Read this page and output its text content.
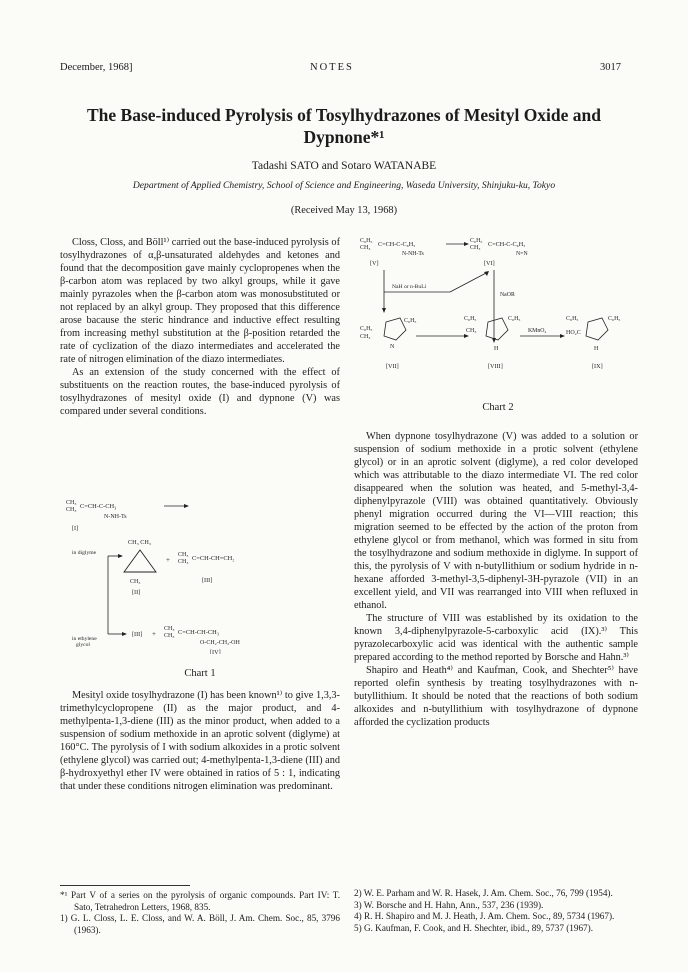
December, 1968]	NOTES	3017
The Base-induced Pyrolysis of Tosylhydrazones of Mesityl Oxide and
Dypnone*¹
Tadashi SATO and Sotaro WATANABE
Department of Applied Chemistry, School of Science and Engineering, Waseda University, Shinjuku-ku, Tokyo
(Received May 13, 1968)

Closs, Closs, and Böll¹⁾ carried out the base-induced pyrolysis of tosylhydrazones of α,β-unsaturated aldehydes and ketones and found that the decomposition gave mainly cyclopropenes when the β-carbon atom was replaced by two alkyl groups, while it gave mainly pyrazoles when the β-carbon atom was monosubstituted or not replaced by an alkyl group. They proposed that this difference arose bacause the steric hindrance and inductive effect resulting from increasing methyl substitution at the β-position retarded the rate of cyclization of the diazo intermediates and accelerated the rate of nitrogen elimination of the diazo intermediates.

As an extension of the study concerned with the effect of substituents on the reaction routes, the base-induced pyrolysis of tosylhydrazones of mesityl oxide (I) and dypnone (V) was compared under several conditions.

CH₃
CH₃ C=CH-C-CH₃
N-NH-Ts
[I]
CH₃ CH₃
CH₃
[II]
in diglyme
+
CH₃
CH₃ C=CH-CH=CH₂
[III]
in ethylene
glycol
[III] +
CH₃
CH₃ C=CH-CH-CH₃
O-CH₂-CH₂-OH
[IV]
Chart 1

Mesityl oxide tosylhydrazone (I) has been known¹⁾ to give 1,3,3-trimethylcyclopropene (II) as the major product, and 4-methylpenta-1,3-diene (III) as the minor product, when added to a suspension of sodium methoxide in an aprotic solvent (diglyme) at 160°C. The pyrolysis of I with sodium alkoxides in a protic solvent (ethylene glycol) was carried out; 4-methylpenta-1,3-diene (III) and β-hydroxyethyl ether IV were obtained in ratios of 5 : 1, indicating that under these conditions nitrogen elimination was predominant.

*¹ Part V of a series on the pyrolysis of organic compounds. Part IV: T. Sato, Tetrahedron Letters, 1968, 835.

1) G. L. Closs, L. E. Closs, and W. A. Böll, J. Am. Chem. Soc., 85, 3796 (1963).

C₆H₅
CH₃ C=CH-C-C₆H₅
N-NH-Ts
[V]
C₆H₅
CH₃ C=CH-C-C₆H₅
N=N
[VI]
NaH or n-BuLi
NaOR
C₆H₅
CH₃
C₆H₅
N
[VII]
C₆H₅
CH₃
C₆H₅
H
[VIII]
KMnO₄
C₆H₅	C₆H₅
HO₂C
H
[IX]
Chart 2

When dypnone tosylhydrazone (V) was added to a solution or suspension of sodium methoxide in a protic solvent (ethylene glycol) or in an aprotic solvent (diglyme), a red color developed which was attributable to the diazo intermediate VI. The red color disappeared when the solution was heated, and 5-methyl-3,4-diphenylpyrazole (VIII) was obtained quantitatively. Obviously phenyl migration occurred during the VI—VIII reaction; this migration seemed to be effected by the action of the proton from ethylene glycol or from methanol, which was formed in situ from the tosylhydrazone and sodium methoxide in diglyme. In support of this, the pyrolysis of V with n-butyllithium or sodium hydride in n-hexane afforded 3-methyl-3,5-diphenyl-3H-pyrazole (VII) in an excellent yield, and VII was rearranged into VIII when refluxed in ethanol.

The structure of VIII was established by its oxidation to the known 3,4-diphenylpyrazole-5-carboxylic acid (IX).³⁾ This pyrazolecarboxylic acid was identical with the authentic sample prepared according to the method reported by Borsche and Hahn.³⁾

Shapiro and Heath⁴⁾ and Kaufman, Cook, and Shechter⁵⁾ have reported olefin synthesis by treating tosylhydrazones with n-butyllithium. It should be noted that the reactions of both sodium alkoxides and n-butyllithium with tosylhydrazone of dypnone afforded the cyclization products

2) W. E. Parham and W. R. Hasek, J. Am. Chem. Soc., 76, 799 (1954).

3) W. Borsche and H. Hahn, Ann., 537, 236 (1939).

4) R. H. Shapiro and M. J. Heath, J. Am. Chem. Soc., 89, 5734 (1967).

5) G. Kaufman, F. Cook, and H. Shechter, ibid., 89, 5737 (1967).
